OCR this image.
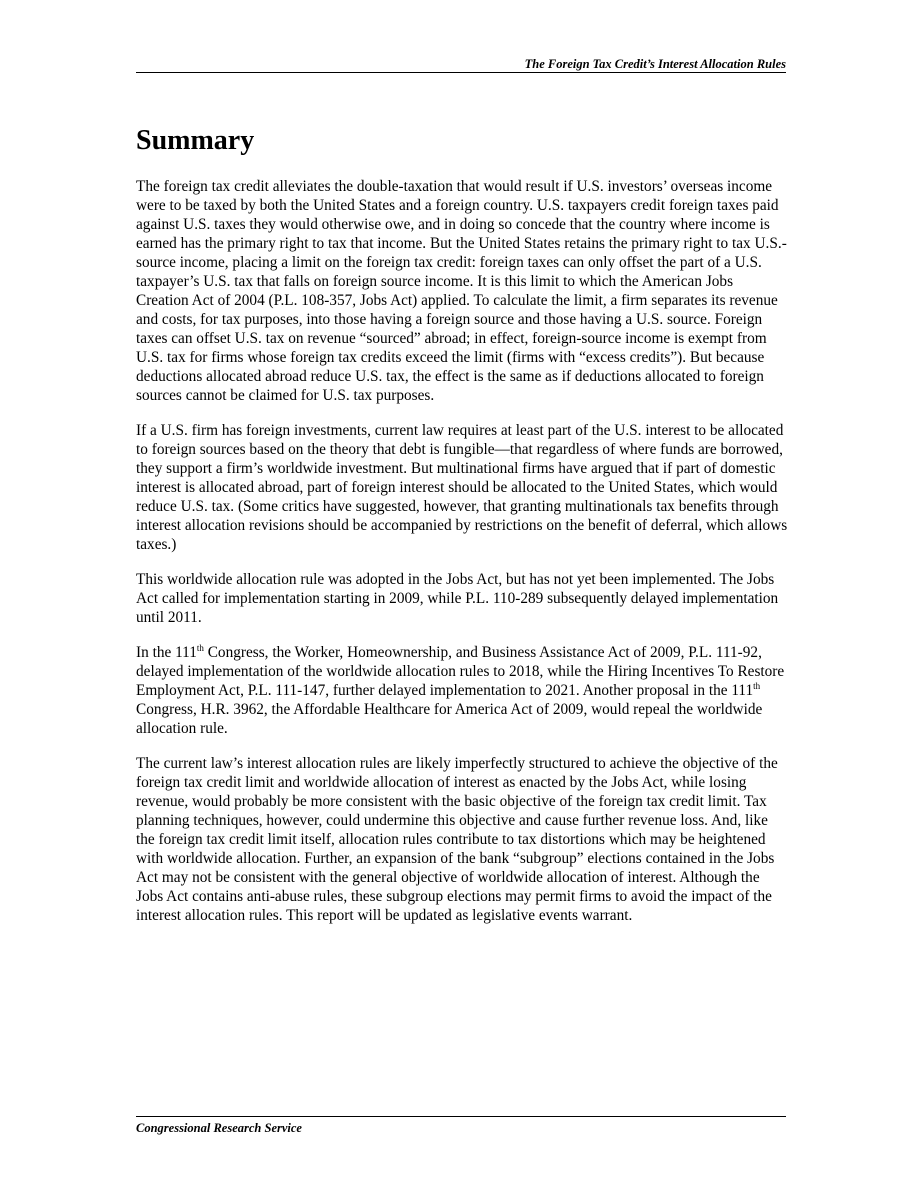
The Foreign Tax Credit’s Interest Allocation Rules
Summary

The foreign tax credit alleviates the double-taxation that would result if U.S. investors’ overseas income were to be taxed by both the United States and a foreign country. U.S. taxpayers credit foreign taxes paid against U.S. taxes they would otherwise owe, and in doing so concede that the country where income is earned has the primary right to tax that income. But the United States retains the primary right to tax U.S.-source income, placing a limit on the foreign tax credit: foreign taxes can only offset the part of a U.S. taxpayer’s U.S. tax that falls on foreign source income. It is this limit to which the American Jobs Creation Act of 2004 (P.L. 108-357, Jobs Act) applied. To calculate the limit, a firm separates its revenue and costs, for tax purposes, into those having a foreign source and those having a U.S. source. Foreign taxes can offset U.S. tax on revenue “sourced” abroad; in effect, foreign-source income is exempt from U.S. tax for firms whose foreign tax credits exceed the limit (firms with “excess credits”). But because deductions allocated abroad reduce U.S. tax, the effect is the same as if deductions allocated to foreign sources cannot be claimed for U.S. tax purposes.

If a U.S. firm has foreign investments, current law requires at least part of the U.S. interest to be allocated to foreign sources based on the theory that debt is fungible—that regardless of where funds are borrowed, they support a firm’s worldwide investment. But multinational firms have argued that if part of domestic interest is allocated abroad, part of foreign interest should be allocated to the United States, which would reduce U.S. tax. (Some critics have suggested, however, that granting multinationals tax benefits through interest allocation revisions should be accompanied by restrictions on the benefit of deferral, which allows taxes.)

This worldwide allocation rule was adopted in the Jobs Act, but has not yet been implemented. The Jobs Act called for implementation starting in 2009, while P.L. 110-289 subsequently delayed implementation until 2011.

In the 111th Congress, the Worker, Homeownership, and Business Assistance Act of 2009, P.L. 111-92, delayed implementation of the worldwide allocation rules to 2018, while the Hiring Incentives To Restore Employment Act, P.L. 111-147, further delayed implementation to 2021. Another proposal in the 111th Congress, H.R. 3962, the Affordable Healthcare for America Act of 2009, would repeal the worldwide allocation rule.

The current law’s interest allocation rules are likely imperfectly structured to achieve the objective of the foreign tax credit limit and worldwide allocation of interest as enacted by the Jobs Act, while losing revenue, would probably be more consistent with the basic objective of the foreign tax credit limit. Tax planning techniques, however, could undermine this objective and cause further revenue loss. And, like the foreign tax credit limit itself, allocation rules contribute to tax distortions which may be heightened with worldwide allocation. Further, an expansion of the bank “subgroup” elections contained in the Jobs Act may not be consistent with the general objective of worldwide allocation of interest. Although the Jobs Act contains anti-abuse rules, these subgroup elections may permit firms to avoid the impact of the interest allocation rules. This report will be updated as legislative events warrant.

Congressional Research Service
